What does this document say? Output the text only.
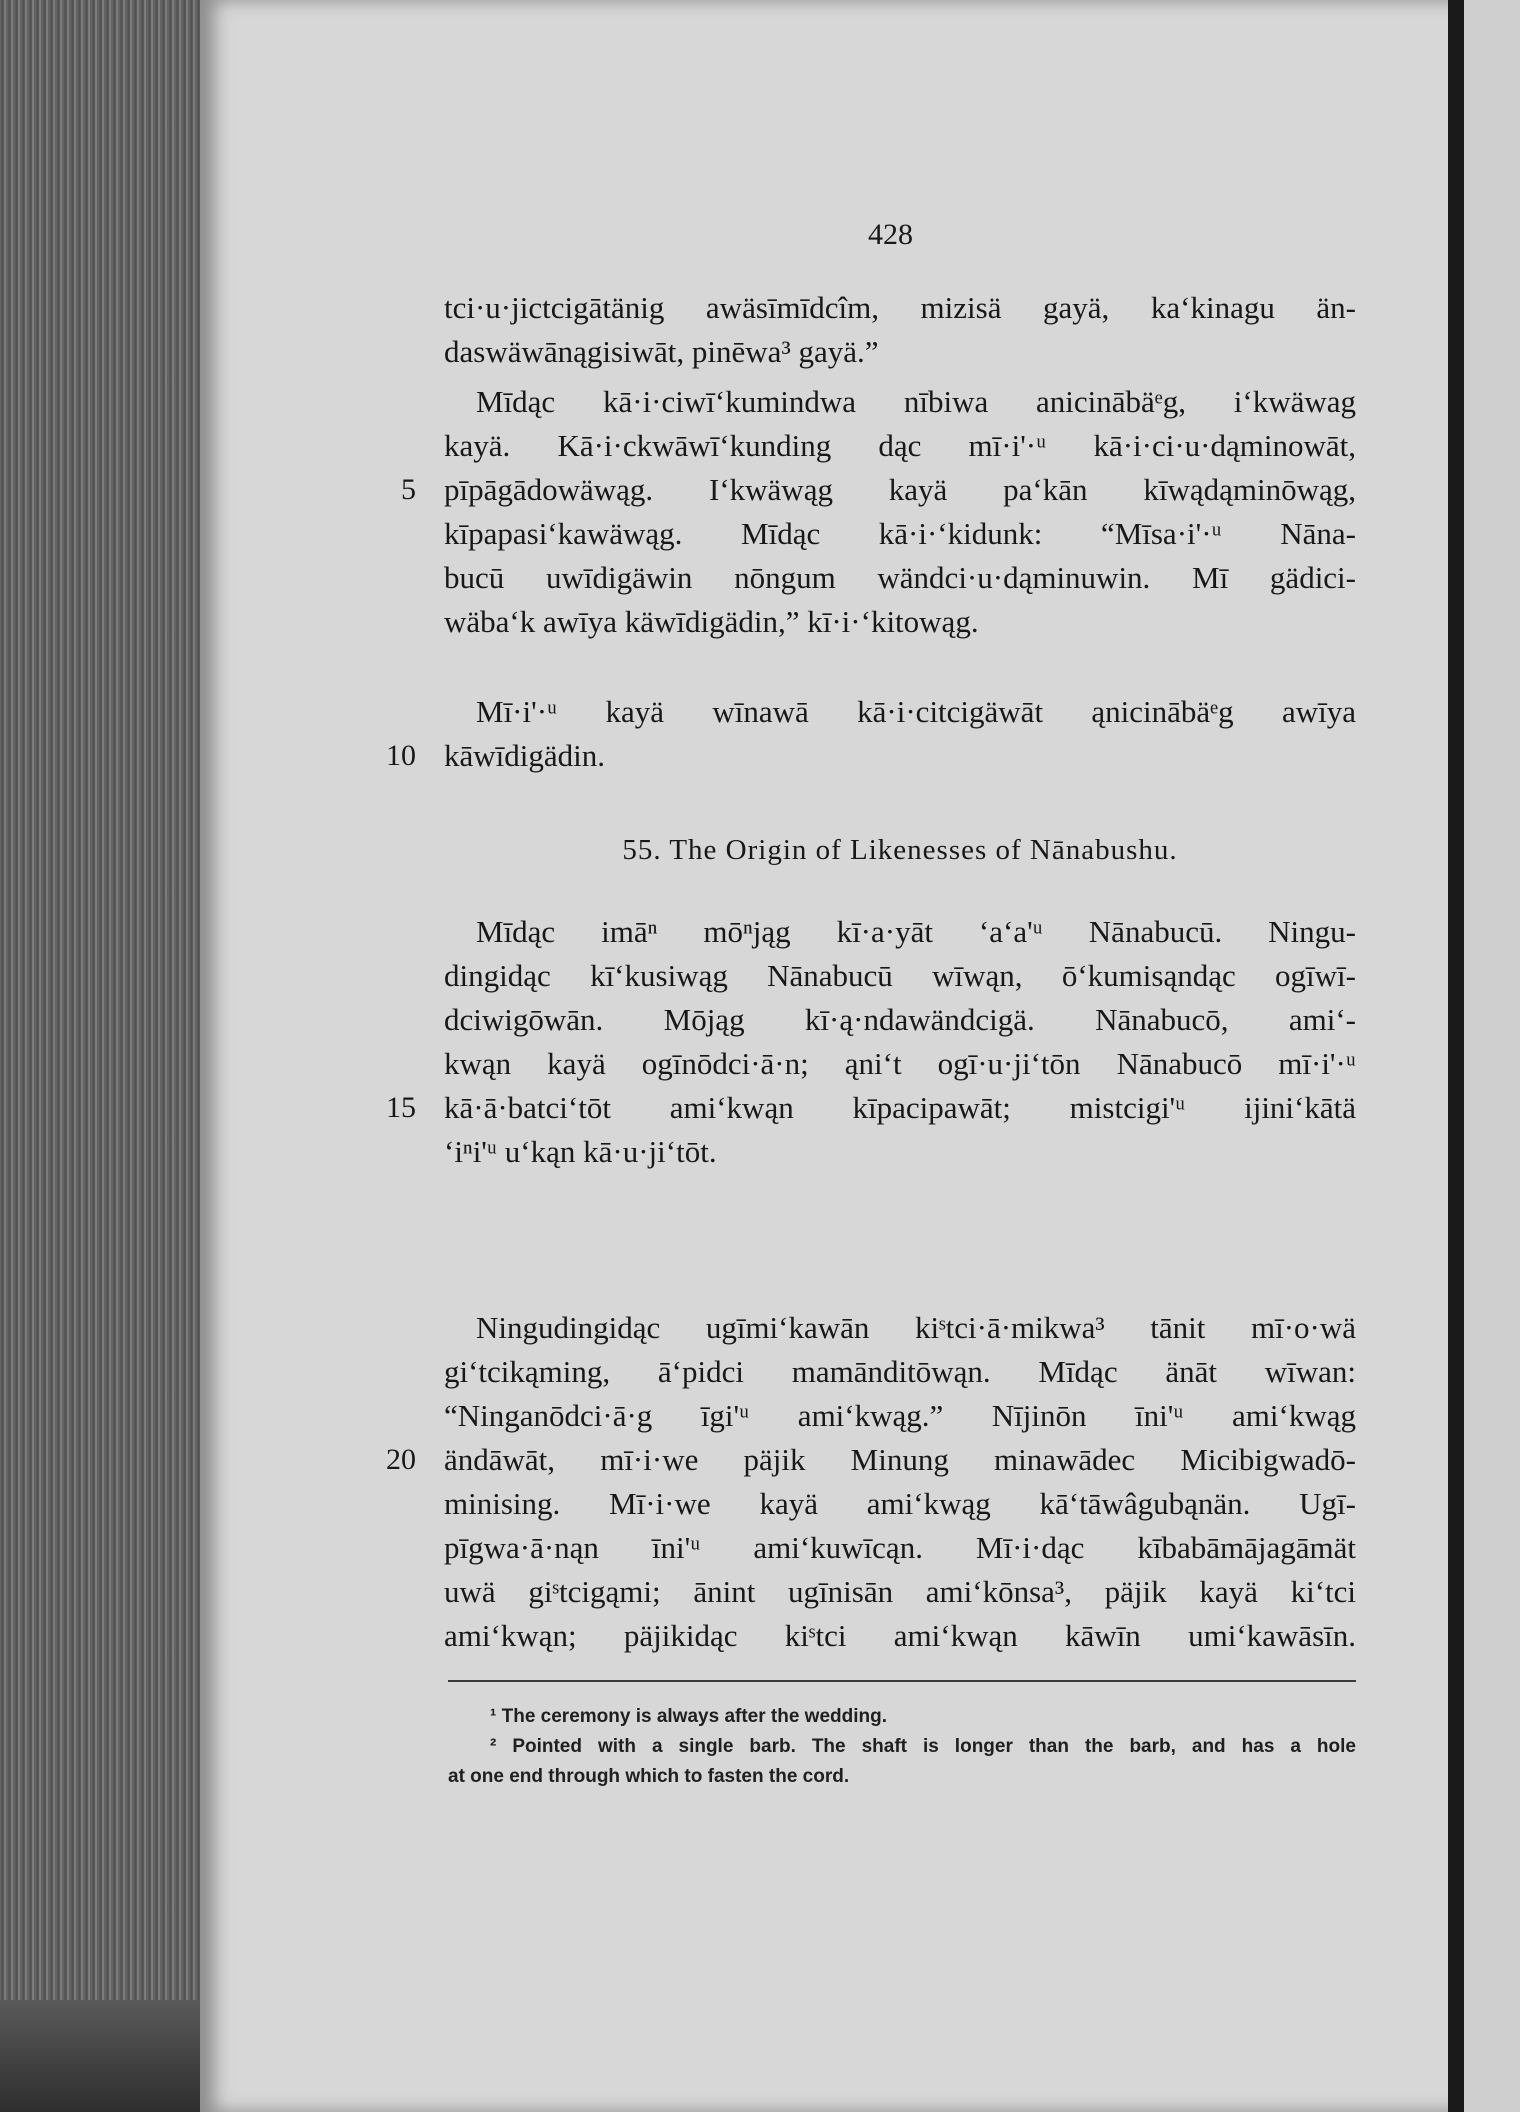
428
tci·u·jictcigātänig awäsīmīdcîm, mizisä gayä, ka‘kinagu än-
daswäwānągisiwāt, pinēwa³ gayä.”
Mīdąc kā·i·ciwī‘kumindwa nībiwa anicinābäᵉg, i‘kwäwag
kayä. Kā·i·ckwāwī‘kunding dąc mī·i'·ᵘ kā·i·ci·u·dąminowāt,
5 pīpāgādowäwąg. I‘kwäwąg kayä pa‘kān kīwądąminōwąg,
kīpapasi‘kawäwąg. Mīdąc kā·i·‘kidunk: “Mīsa·i'·ᵘ Nāna-
bucū uwīdigäwin nōngum wändci·u·dąminuwin. Mī gädici-
wäba‘k awīya käwīdigädin,” kī·i·‘kitowąg.
Mī·i'·ᵘ kayä wīnawā kā·i·citcigäwāt ąnicinābäᵉg awīya
10 kāwīdigädin.
55. The Origin of Likenesses of Nānabushu.
Mīdąc imāⁿ mōⁿjąg kī·a·yāt ‘a‘a'ᵘ Nānabucū. Ningu-
dingidąc kī‘kusiwąg Nānabucū wīwąn, ō‘kumisąndąc ogīwī-
dciwigōwān. Mōjąg kī·ą·ndawändcigä. Nānabucō, ami‘-
kwąn kayä ogīnōdci·ā·n; ąni‘t ogī·u·ji‘tōn Nānabucō mī·i'·ᵘ
15 kā·ā·batci‘tōt ami‘kwąn kīpacipawāt; mistcigi'ᵘ ijini‘kātä
‘iⁿi'ᵘ u‘kąn kā·u·ji‘tōt.
Ningudingidąc ugīmi‘kawān kiˢtci·ā·mikwa³ tānit mī·o·wä
gi‘tcikąming, ā‘pidci mamānditōwąn. Mīdąc änāt wīwan:
“Ninganōdci·ā·g īgi'ᵘ ami‘kwąg.” Nījinōn īni'ᵘ ami‘kwąg
20 ändāwāt, mī·i·we päjik Minung minawādec Micibigwadō-
minising. Mī·i·we kayä ami‘kwąg kā‘tāwâgubąnän. Ugī-
pīgwa·ā·nąn īni'ᵘ ami‘kuwīcąn. Mī·i·dąc kībabāmājagāmät
uwä giˢtcigąmi; ānint ugīnisān ami‘kōnsa³, päjik kayä ki‘tci
ami‘kwąn; päjikidąc kiˢtci ami‘kwąn kāwīn umi‘kawāsīn.
¹ The ceremony is always after the wedding.
² Pointed with a single barb. The shaft is longer than the barb, and has a hole
at one end through which to fasten the cord.
